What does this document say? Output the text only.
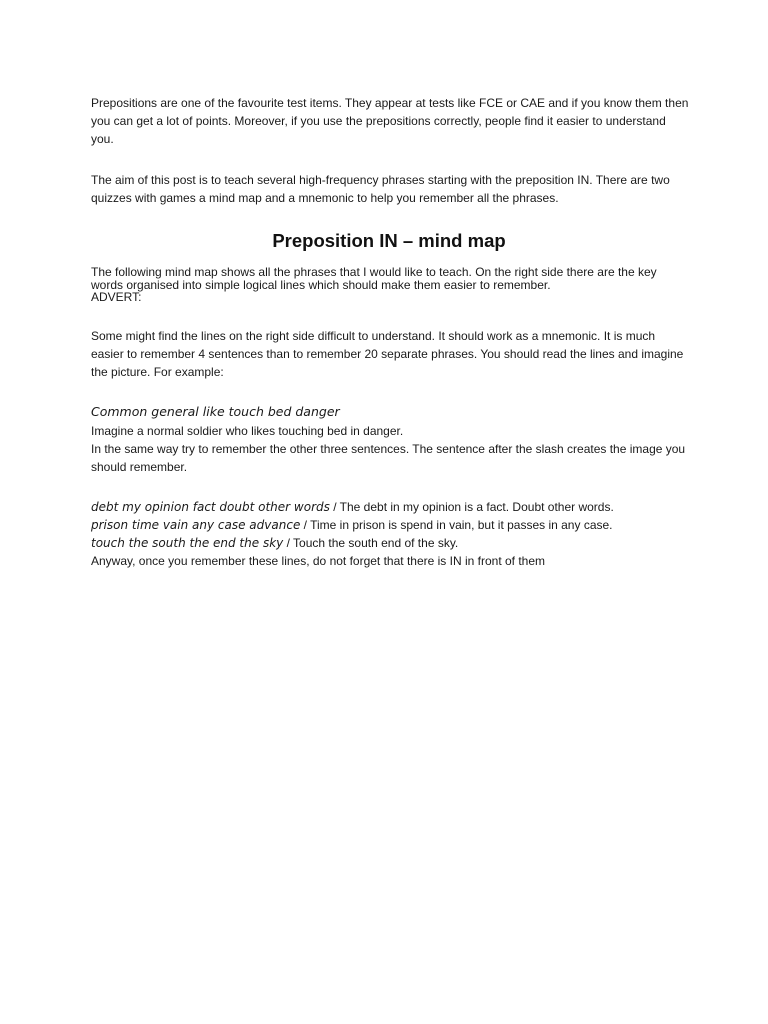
Prepositions are one of the favourite test items. They appear at tests like FCE or CAE and if you know them then you can get a lot of points. Moreover, if you use the prepositions correctly, people find it easier to understand you.

The aim of this post is to teach several high-frequency phrases starting with the preposition IN. There are two quizzes with games a mind map and a mnemonic to help you remember all the phrases.

Preposition IN – mind map

The following mind map shows all the phrases that I would like to teach. On the right side there are the key words organised into simple logical lines which should make them easier to remember.

ADVERT:

Some might find the lines on the right side difficult to understand. It should work as a mnemonic. It is much easier to remember 4 sentences than to remember 20 separate phrases. You should read the lines and imagine the picture. For example:

Common general like touch bed danger
Imagine a normal soldier who likes touching bed in danger.

In the same way try to remember the other three sentences. The sentence after the slash creates the image you should remember.

debt my opinion fact doubt other words / The debt in my opinion is a fact. Doubt other words.
prison time vain any case advance / Time in prison is spend in vain, but it passes in any case.
touch the south the end the sky / Touch the south end of the sky.
Anyway, once you remember these lines, do not forget that there is IN in front of them
